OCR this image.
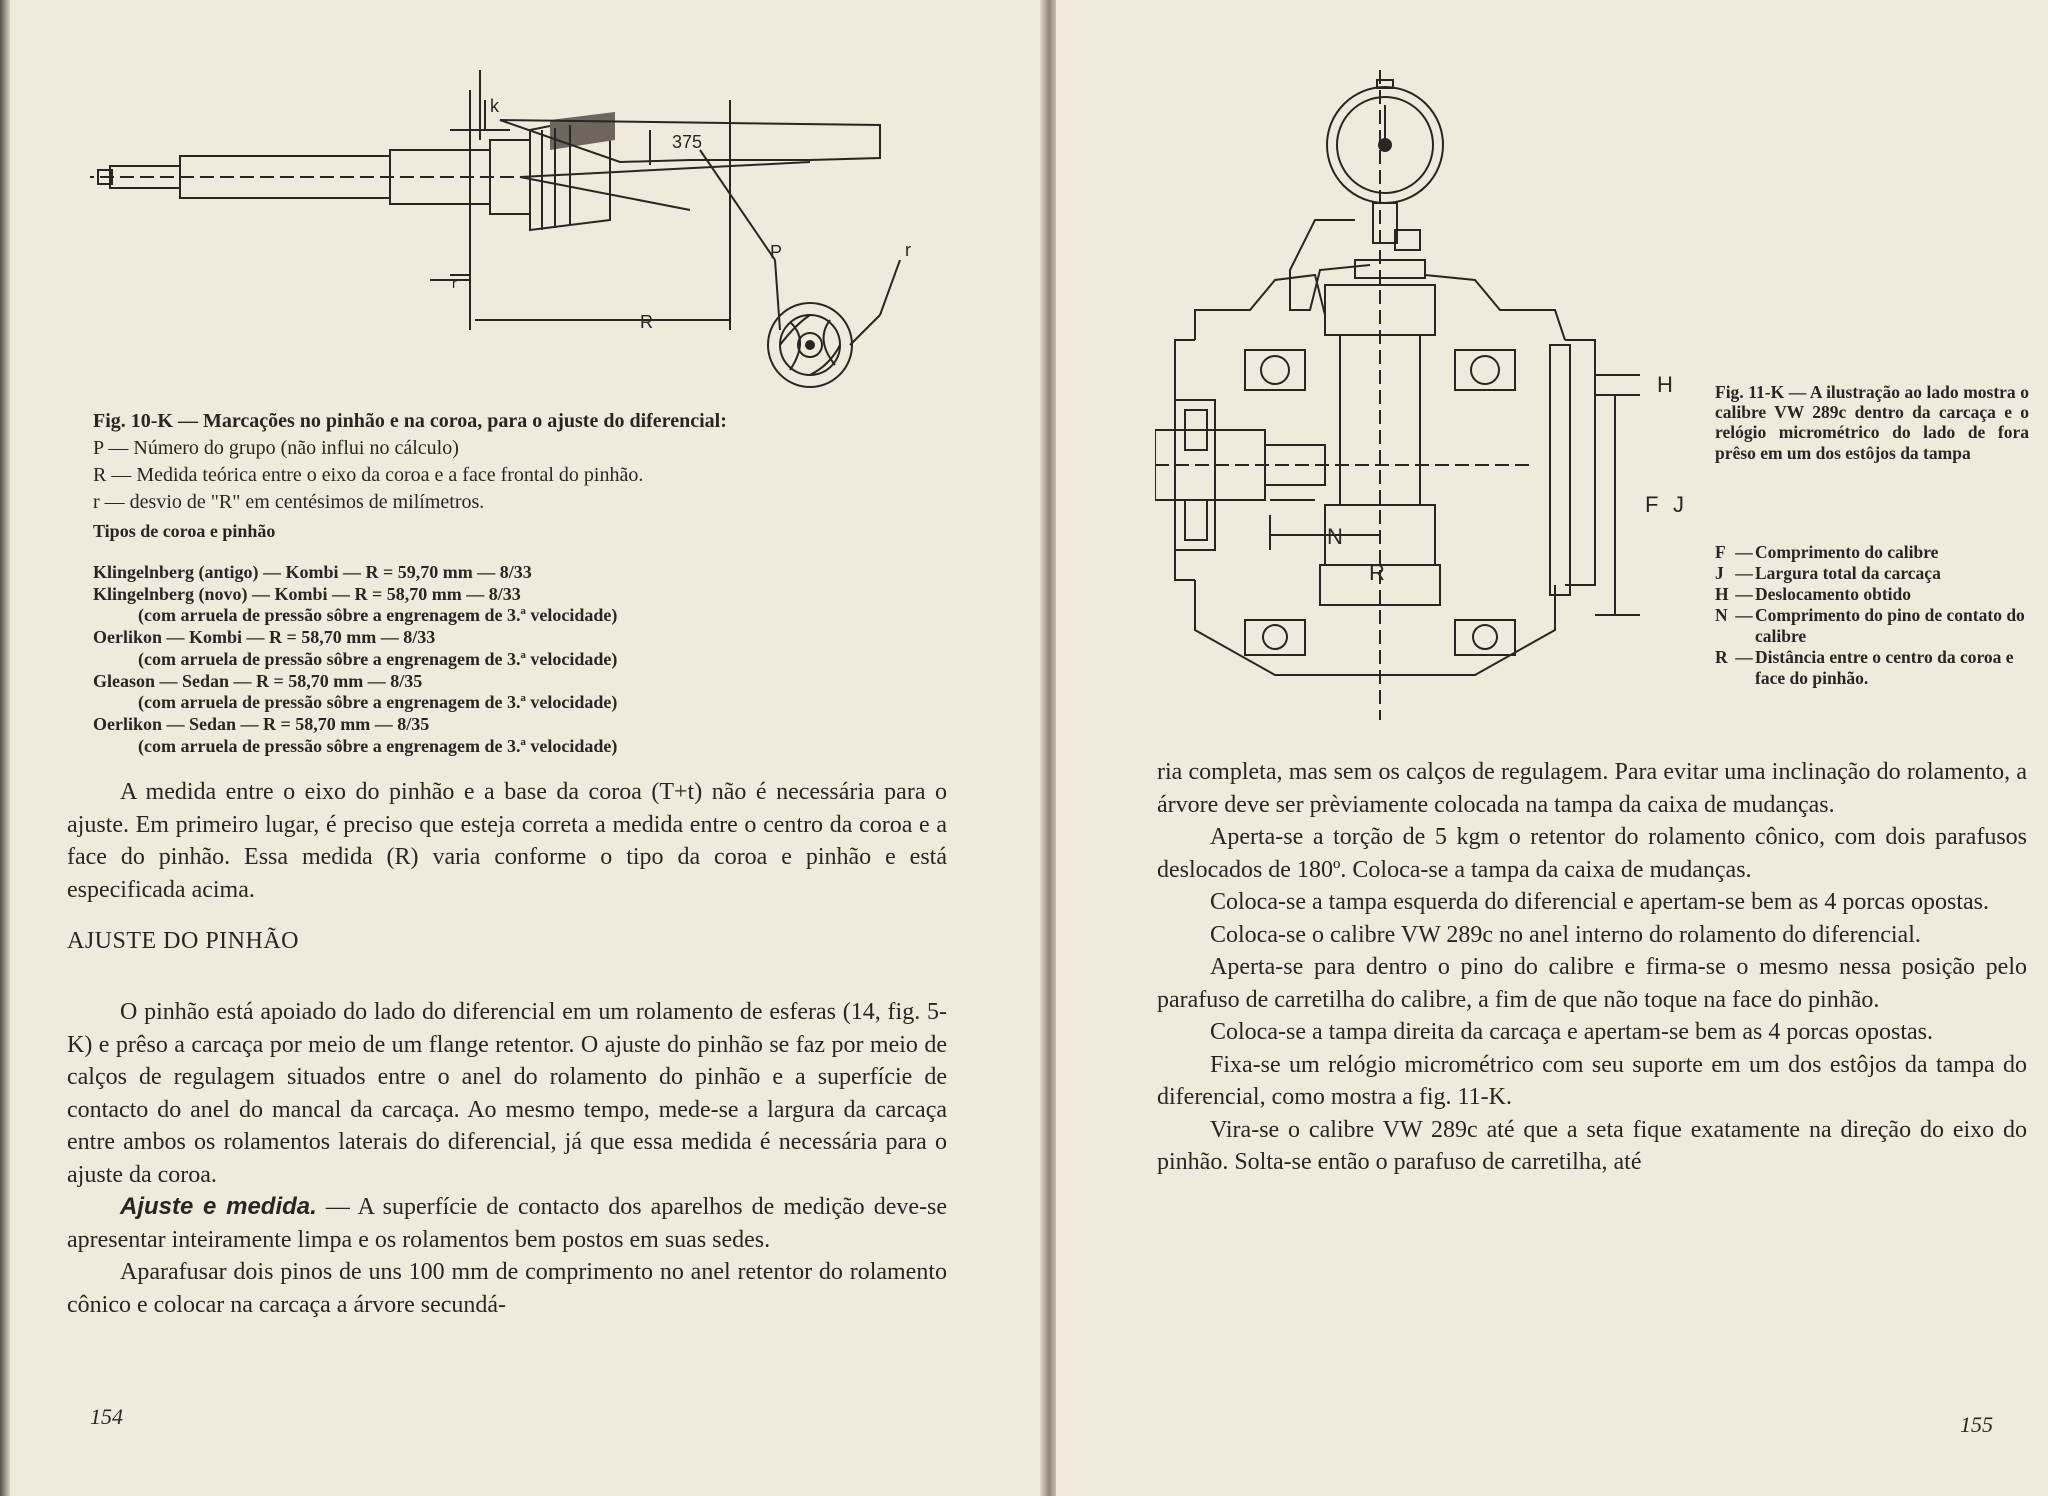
k
375
P	r
r
R

Fig. 10-K — Marcações no pinhão e na coroa, para o ajuste do diferencial:

P — Número do grupo (não influi no cálculo)

R — Medida teórica entre o eixo da coroa e a face frontal do pinhão.

r — desvio de "R" em centésimos de milímetros.

Tipos de coroa e pinhão

Klingelnberg (antigo) — Kombi — R = 59,70 mm — 8/33

Klingelnberg (novo) — Kombi — R = 58,70 mm — 8/33

(com arruela de pressão sôbre a engrenagem de 3.ª velocidade)

Oerlikon — Kombi — R = 58,70 mm — 8/33

(com arruela de pressão sôbre a engrenagem de 3.ª velocidade)

Gleason — Sedan — R = 58,70 mm — 8/35

(com arruela de pressão sôbre a engrenagem de 3.ª velocidade)

Oerlikon — Sedan — R = 58,70 mm — 8/35

(com arruela de pressão sôbre a engrenagem de 3.ª velocidade)

A medida entre o eixo do pinhão e a base da coroa (T+t) não é necessária para o ajuste. Em primeiro lugar, é preciso que esteja correta a medida entre o centro da coroa e a face do pinhão. Essa medida (R) varia conforme o tipo da coroa e pinhão e está especificada acima.

AJUSTE DO PINHÃO

O pinhão está apoiado do lado do diferencial em um rolamento de esferas (14, fig. 5-K) e prêso a carcaça por meio de um flange retentor. O ajuste do pinhão se faz por meio de calços de regulagem situados entre o anel do rolamento do pinhão e a superfície de contacto do anel do mancal da carcaça. Ao mesmo tempo, mede-se a largura da carcaça entre ambos os rolamentos laterais do diferencial, já que essa medida é necessária para o ajuste da coroa.

Ajuste e medida. — A superfície de contacto dos aparelhos de medição deve-se apresentar inteiramente limpa e os rolamentos bem postos em suas sedes.

Aparafusar dois pinos de uns 100 mm de comprimento no anel retentor do rolamento cônico e colocar na carcaça a árvore secundá-

154
H
F J
N
R

Fig. 11-K — A ilustração ao lado mostra o calibre VW 289c dentro da carcaça e o relógio micrométrico do lado de fora prêso em um dos estôjos da tampa

F — Comprimento do calibre
J — Largura total da carcaça
H — Deslocamento obtido
N — Comprimento do pino de contato do calibre
R — Distância entre o centro da coroa e face do pinhão.

ria completa, mas sem os calços de regulagem. Para evitar uma inclinação do rolamento, a árvore deve ser prèviamente colocada na tampa da caixa de mudanças.

Aperta-se a torção de 5 kgm o retentor do rolamento cônico, com dois parafusos deslocados de 180º. Coloca-se a tampa da caixa de mudanças.

Coloca-se a tampa esquerda do diferencial e apertam-se bem as 4 porcas opostas.

Coloca-se o calibre VW 289c no anel interno do rolamento do diferencial.

Aperta-se para dentro o pino do calibre e firma-se o mesmo nessa posição pelo parafuso de carretilha do calibre, a fim de que não toque na face do pinhão.

Coloca-se a tampa direita da carcaça e apertam-se bem as 4 porcas opostas.

Fixa-se um relógio micrométrico com seu suporte em um dos estôjos da tampa do diferencial, como mostra a fig. 11-K.

Vira-se o calibre VW 289c até que a seta fique exatamente na direção do eixo do pinhão. Solta-se então o parafuso de carretilha, até

155
